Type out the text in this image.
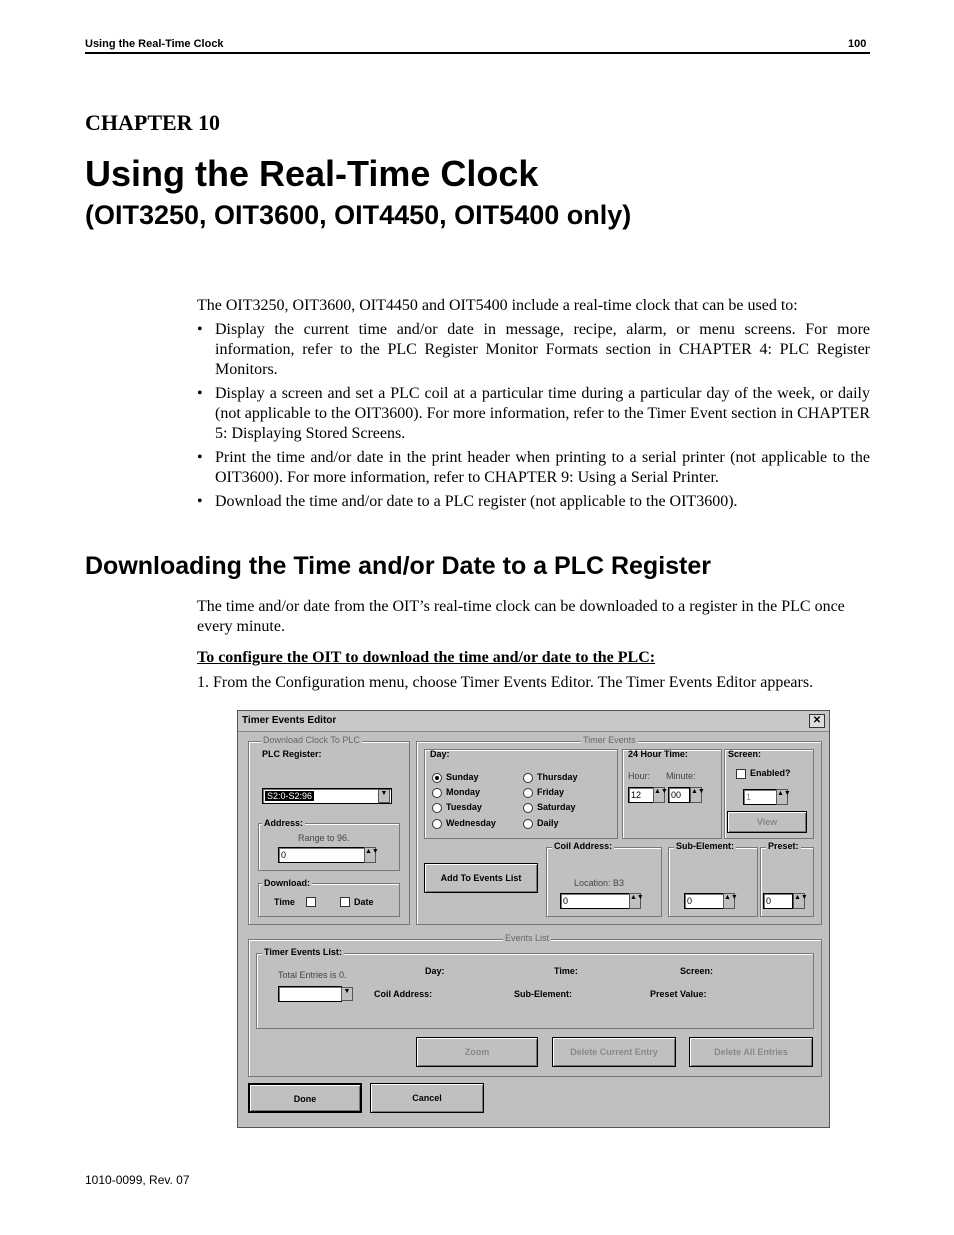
Using the Real-Time Clock	100
CHAPTER 10
Using the Real-Time Clock
(OIT3250, OIT3600, OIT4450, OIT5400 only)
The OIT3250, OIT3600, OIT4450 and OIT5400 include a real-time clock that can be used to:
• Display the current time and/or date in message, recipe, alarm, or menu screens. For more information, refer to the PLC Register Monitor Formats section in CHAPTER 4: PLC Register Monitors.
• Display a screen and set a PLC coil at a particular time during a particular day of the week, or daily (not applicable to the OIT3600). For more information, refer to the Timer Event section in CHAPTER 5: Displaying Stored Screens.
• Print the time and/or date in the print header when printing to a serial printer (not applicable to the OIT3600). For more information, refer to CHAPTER 9: Using a Serial Printer.
• Download the time and/or date to a PLC register (not applicable to the OIT3600).
Downloading the Time and/or Date to a PLC Register
The time and/or date from the OIT’s real-time clock can be downloaded to a register in the PLC once every minute.
To configure the OIT to download the time and/or date to the PLC:
1. From the Configuration menu, choose Timer Events Editor. The Timer Events Editor appears.
Timer Events Editor	✕
Download Clock To PLC
PLC Register:
S2:0-S2:96	▼
Address:
Range to 96.
0	▲▼
Download:
Time	Date
Timer Events
Day:
Sunday
Monday
Tuesday
Wednesday
Thursday
Friday
Saturday
Daily
24 Hour Time:
Hour: Minute:
12	▲▼ 00	▲▼
Screen:
Enabled?
1	▲▼
View
Add To Events List
Coil Address:
Location: B3
0	▲▼
Sub-Element:
0	▲▼
Preset:
0	▲▼
Events List
Timer Events List:
Total Entries is 0.
▼
Day:	Time:	Screen:
Coil Address:	Sub-Element:	Preset Value:
Zoom	Delete Current Entry	Delete All Entries
Done	Cancel
1010-0099, Rev. 07
